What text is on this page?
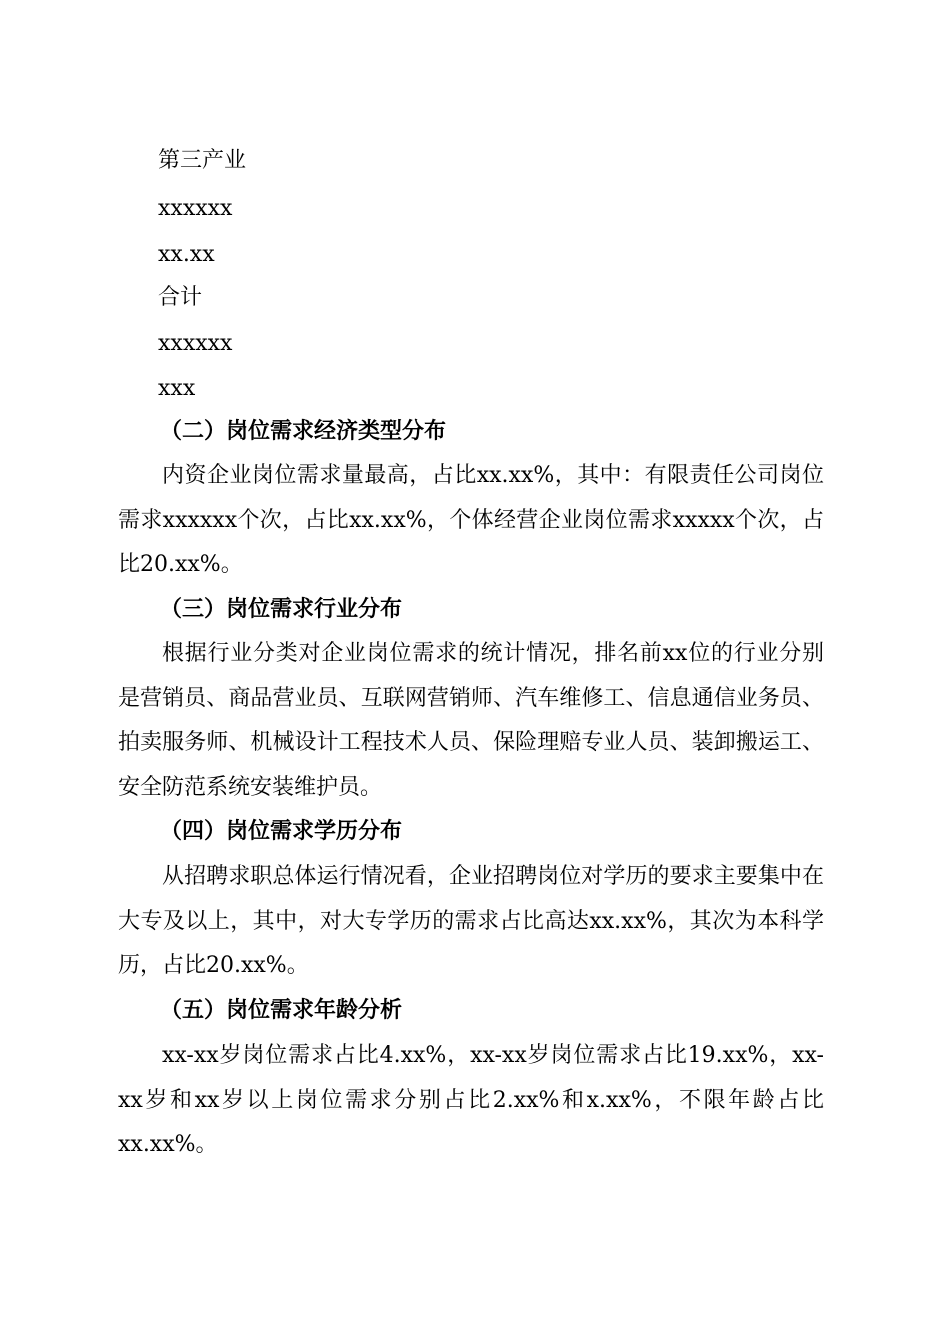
第三产业
xxxxxx
xx.xx
合计
xxxxxx
xxx
（二）岗位需求经济类型分布

内资企业岗位需求量最高，占比xx.xx%，其中：有限责任公司岗位需求xxxxxx个次，占比xx.xx%，个体经营企业岗位需求xxxxx个次，占比20.xx%。

（三）岗位需求行业分布

根据行业分类对企业岗位需求的统计情况，排名前xx位的行业分别是营销员、商品营业员、互联网营销师、汽车维修工、信息通信业务员、拍卖服务师、机械设计工程技术人员、保险理赔专业人员、装卸搬运工、安全防范系统安装维护员。

（四）岗位需求学历分布

从招聘求职总体运行情况看，企业招聘岗位对学历的要求主要集中在大专及以上，其中，对大专学历的需求占比高达xx.xx%，其次为本科学历，占比20.xx%。

（五）岗位需求年龄分析

xx-xx岁岗位需求占比4.xx%，xx-xx岁岗位需求占比19.xx%，xx-xx岁和xx岁以上岗位需求分别占比2.xx%和x.xx%，不限年龄占比xx.xx%。
